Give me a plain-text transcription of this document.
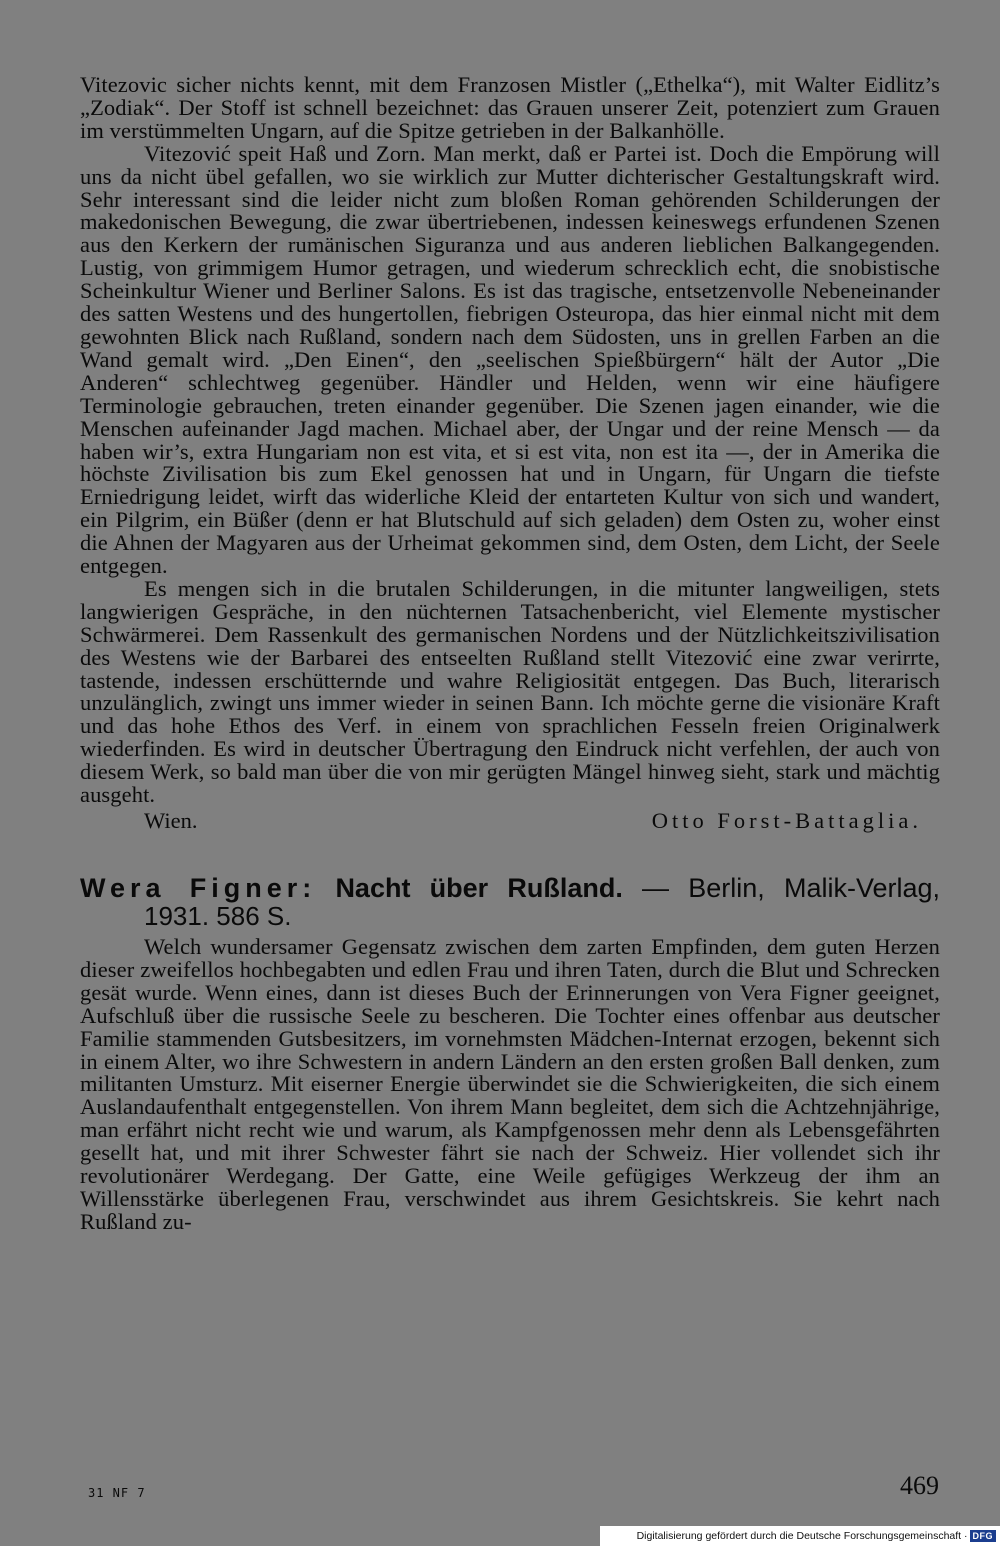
Vitezovic sicher nichts kennt, mit dem Franzosen Mistler („Ethelka“), mit Walter Eidlitz’s „Zodiak“. Der Stoff ist schnell bezeichnet: das Grauen unserer Zeit, potenziert zum Grauen im verstümmelten Ungarn, auf die Spitze getrieben in der Balkanhölle.

Vitezović speit Haß und Zorn. Man merkt, daß er Partei ist. Doch die Empörung will uns da nicht übel gefallen, wo sie wirklich zur Mutter dichterischer Gestaltungskraft wird. Sehr interessant sind die leider nicht zum bloßen Roman gehörenden Schilderungen der makedonischen Bewegung, die zwar übertriebenen, indessen keineswegs erfundenen Szenen aus den Kerkern der rumänischen Siguranza und aus anderen lieblichen Balkangegenden. Lustig, von grimmigem Humor getragen, und wiederum schrecklich echt, die snobistische Scheinkultur Wiener und Berliner Salons. Es ist das tragische, entsetzenvolle Nebeneinander des satten Westens und des hungertollen, fiebrigen Osteuropa, das hier einmal nicht mit dem gewohnten Blick nach Rußland, sondern nach dem Südosten, uns in grellen Farben an die Wand gemalt wird. „Den Einen“, den „seelischen Spießbürgern“ hält der Autor „Die Anderen“ schlechtweg gegenüber. Händler und Helden, wenn wir eine häufigere Terminologie gebrauchen, treten einander gegenüber. Die Szenen jagen einander, wie die Menschen aufeinander Jagd machen. Michael aber, der Ungar und der reine Mensch — da haben wir’s, extra Hungariam non est vita, et si est vita, non est ita —, der in Amerika die höchste Zivilisation bis zum Ekel genossen hat und in Ungarn, für Ungarn die tiefste Erniedrigung leidet, wirft das widerliche Kleid der entarteten Kultur von sich und wandert, ein Pilgrim, ein Büßer (denn er hat Blutschuld auf sich geladen) dem Osten zu, woher einst die Ahnen der Magyaren aus der Urheimat gekommen sind, dem Osten, dem Licht, der Seele entgegen.

Es mengen sich in die brutalen Schilderungen, in die mitunter langweiligen, stets langwierigen Gespräche, in den nüchternen Tatsachenbericht, viel Elemente mystischer Schwärmerei. Dem Rassenkult des germanischen Nordens und der Nützlichkeitszivilisation des Westens wie der Barbarei des entseelten Rußland stellt Vitezović eine zwar verirrte, tastende, indessen erschütternde und wahre Religiosität entgegen. Das Buch, literarisch unzulänglich, zwingt uns immer wieder in seinen Bann. Ich möchte gerne die visionäre Kraft und das hohe Ethos des Verf. in einem von sprachlichen Fesseln freien Originalwerk wiederfinden. Es wird in deutscher Übertragung den Eindruck nicht verfehlen, der auch von diesem Werk, so bald man über die von mir gerügten Mängel hinweg sieht, stark und mächtig ausgeht.

Wien.	Otto Forst-Battaglia.
Wera Figner: Nacht über Rußland. — Berlin, Malik-Verlag,
1931. 586 S.

Welch wundersamer Gegensatz zwischen dem zarten Empfinden, dem guten Herzen dieser zweifellos hochbegabten und edlen Frau und ihren Taten, durch die Blut und Schrecken gesät wurde. Wenn eines, dann ist dieses Buch der Erinnerungen von Vera Figner geeignet, Aufschluß über die russische Seele zu bescheren. Die Tochter eines offenbar aus deutscher Familie stammenden Gutsbesitzers, im vornehmsten Mädchen-Internat erzogen, bekennt sich in einem Alter, wo ihre Schwestern in andern Ländern an den ersten großen Ball denken, zum militanten Umsturz. Mit eiserner Energie überwindet sie die Schwierigkeiten, die sich einem Auslandaufenthalt entgegenstellen. Von ihrem Mann begleitet, dem sich die Achtzehnjährige, man erfährt nicht recht wie und warum, als Kampfgenossen mehr denn als Lebensgefährten gesellt hat, und mit ihrer Schwester fährt sie nach der Schweiz. Hier vollendet sich ihr revolutionärer Werdegang. Der Gatte, eine Weile gefügiges Werkzeug der ihm an Willensstärke überlegenen Frau, verschwindet aus ihrem Gesichtskreis. Sie kehrt nach Rußland zu-

31 NF 7	469
Digitalisierung gefördert durch die Deutsche Forschungsgemeinschaft · DFG
